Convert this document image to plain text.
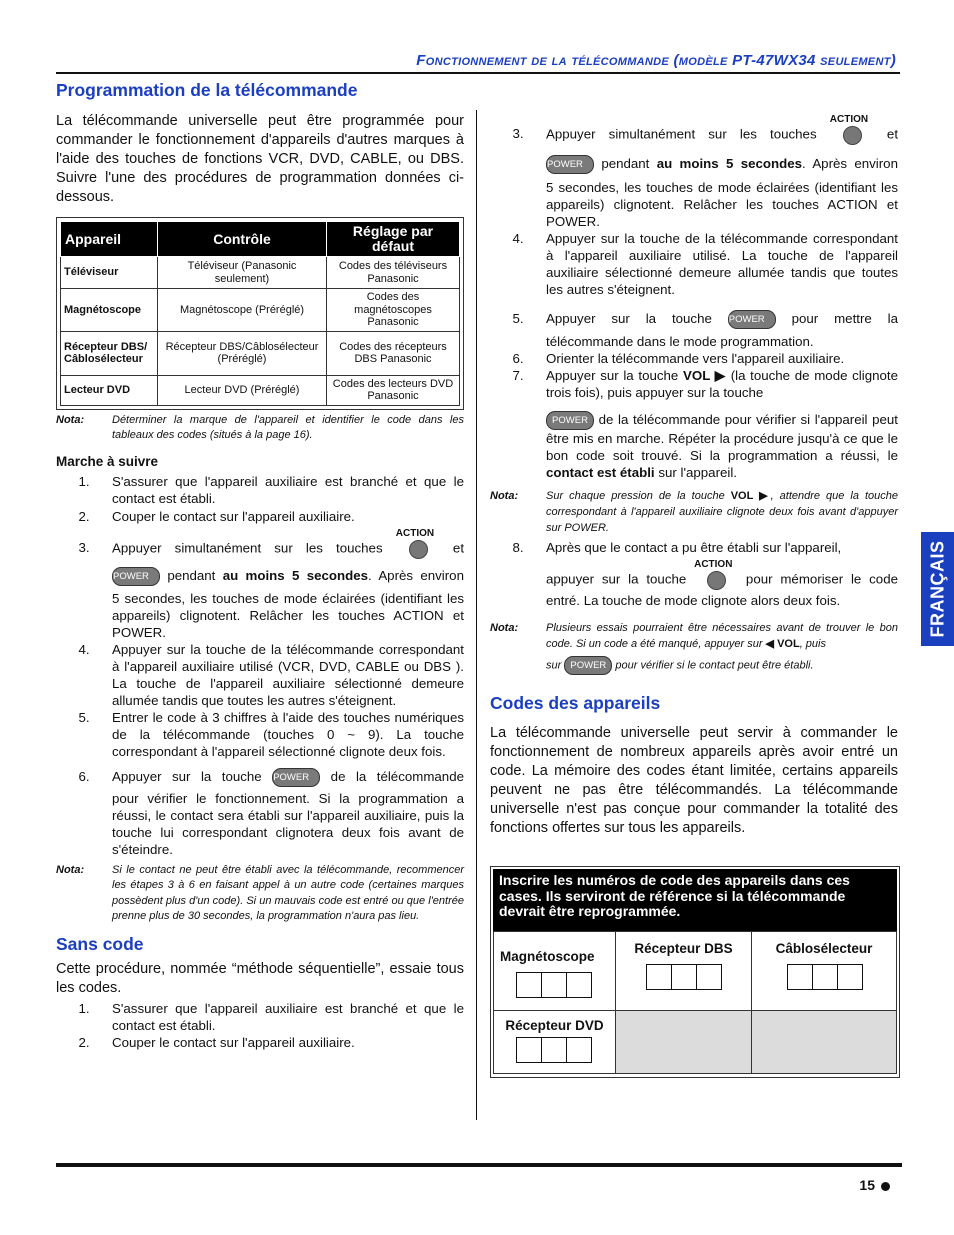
Fonctionnement de la télécommande (modèle PT-47WX34 seulement)
Programmation de la télécommande

La télécommande universelle peut être programmée pour commander le fonctionnement d'appareils d'autres marques à l'aide des touches de fonctions VCR, DVD, CABLE, ou DBS. Suivre l'une des procédures de programmation données ci-dessous.

Appareil	Contrôle	Réglage par défaut
Téléviseur	Téléviseur (Panasonic seulement)	Codes des téléviseurs Panasonic
Magnétoscope	Magnétoscope (Préréglé)	Codes des magnétoscopes Panasonic
Récepteur DBS/ Câblosélecteur	Récepteur DBS/Câblosélecteur (Préréglé)	Codes des récepteurs DBS Panasonic
Lecteur DVD	Lecteur DVD (Préréglé)	Codes des lecteurs DVD Panasonic
Nota:	Déterminer la marque de l'appareil et identifier le code dans les tableaux des codes (situés à la page 16).
Marche à suivre
1.	S'assurer que l'appareil auxiliaire est branché et que le contact est établi.
2.	Couper le contact sur l'appareil auxiliaire.
3.	Appuyer simultanément sur les touches
ACTION
et
POWER pendant au moins 5 secondes. Après environ
5 secondes, les touches de mode éclairées (identifiant les appareils) clignotent. Relâcher les touches ACTION et POWER.
4.	Appuyer sur la touche de la télécommande correspondant à l'appareil auxiliaire utilisé (VCR, DVD, CABLE ou DBS ). La touche de l'appareil auxiliaire sélectionné demeure allumée tandis que toutes les autres s'éteignent.
5.	Entrer le code à 3 chiffres à l'aide des touches numériques de la télécommande (touches 0 ~ 9). La touche correspondant à l'appareil sélectionné clignote deux fois.
6.	Appuyer sur la touche POWER de la télécommande
pour vérifier le fonctionnement. Si la programmation a réussi, le contact sera établi sur l'appareil auxiliaire, puis la touche lui correspondant clignotera deux fois avant de s'éteindre.
Nota:	Si le contact ne peut être établi avec la télécommande, recommencer les étapes 3 à 6 en faisant appel à un autre code (certaines marques possèdent plus d'un code). Si un mauvais code est entré ou que l'entrée prenne plus de 30 secondes, la programmation n'aura pas lieu.
Sans code

Cette procédure, nommée “méthode séquentielle”, essaie tous les codes.

1.	S'assurer que l'appareil auxiliaire est branché et que le contact est établi.
2.	Couper le contact sur l'appareil auxiliaire.
3.	Appuyer simultanément sur les touches
ACTION
et
POWER pendant au moins 5 secondes. Après environ
5 secondes, les touches de mode éclairées (identifiant les appareils) clignotent. Relâcher les touches ACTION et POWER.
4.	Appuyer sur la touche de la télécommande correspondant à l'appareil auxiliaire utilisé. La touche de l'appareil auxiliaire sélectionné demeure allumée tandis que toutes les autres s'éteignent.
5.	Appuyer sur la touche POWER pour mettre la
télécommande dans le mode programmation.
6.	Orienter la télécommande vers l'appareil auxiliaire.
7.	Appuyer sur la touche VOL ▶ (la touche de mode clignote trois fois), puis appuyer sur la touche
POWER de la télécommande pour vérifier si l'appareil peut être mis en marche. Répéter la procédure jusqu'à ce que le bon code soit trouvé. Si la programmation a réussi, le contact est établi sur l'appareil.
Nota:	Sur chaque pression de la touche VOL ▶, attendre que la touche correspondant à l'appareil auxiliaire clignote deux fois avant d'appuyer sur POWER.
8.	Après que le contact a pu être établi sur l'appareil,
appuyer sur la touche
ACTION
pour mémoriser le code
entré. La touche de mode clignote alors deux fois.
Nota:	Plusieurs essais pourraient être nécessaires avant de trouver le bon code. Si un code a été manqué, appuyer sur ◀ VOL, puis
sur POWER pour vérifier si le contact peut être établi.
Codes des appareils

La télécommande universelle peut servir à commander le fonctionnement de nombreux appareils après avoir entré un code. La mémoire des codes étant limitée, certains appareils peuvent ne pas être télécommandés. La télécommande universelle n'est pas conçue pour commander la totalité des fonctions offertes sur tous les appareils.

Inscrire les numéros de code des appareils dans ces cases. Ils serviront de référence si la télécommande devrait être reprogrammée.
Magnétoscope
Récepteur DBS	Câblosélecteur
Récepteur DVD
FRANÇAIS
15
